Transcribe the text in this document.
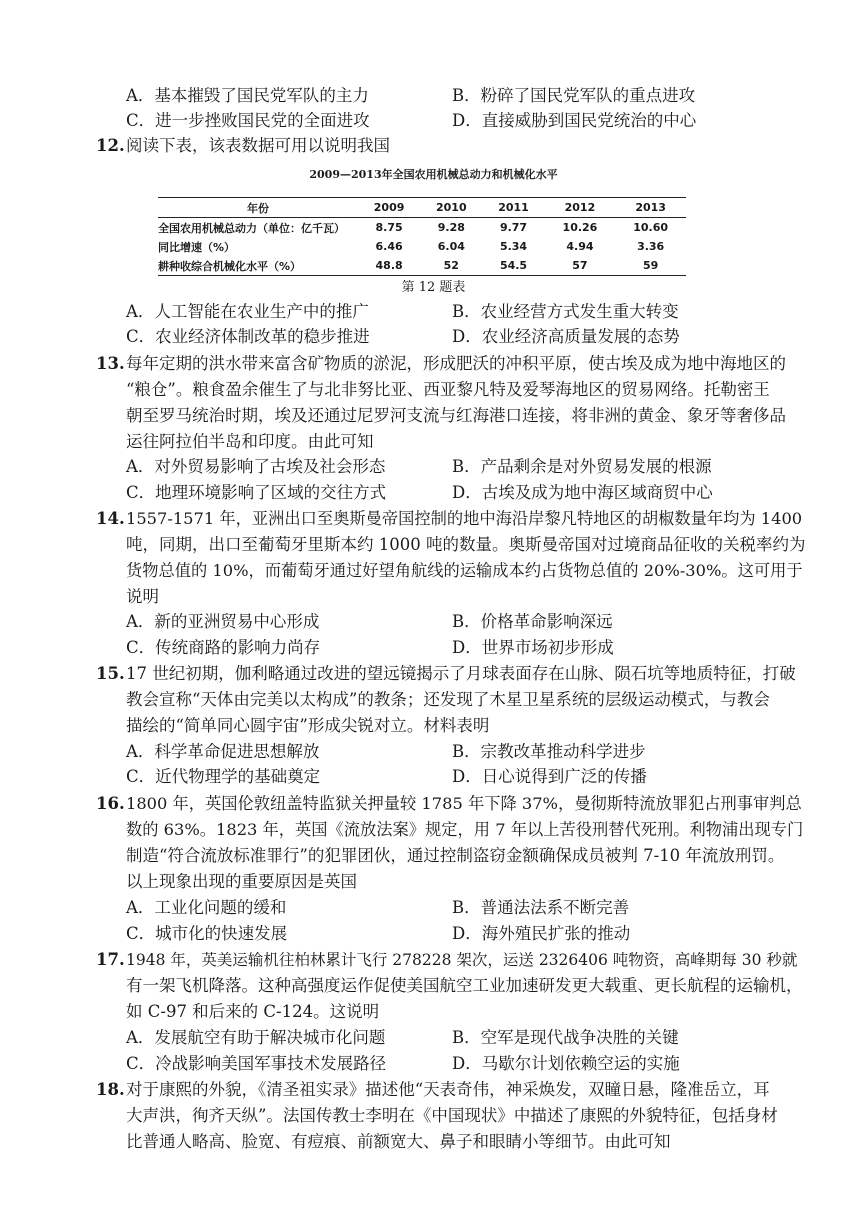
A．基本摧毁了国民党军队的主力	B．粉碎了国民党军队的重点进攻
C．进一步挫败国民党的全面进攻	D．直接威胁到国民党统治的中心
12. 阅读下表，该表数据可用以说明我国
2009—2013年全国农用机械总动力和机械化水平
年份	2009	2010	2011	2012	2013
全国农用机械总动力（单位：亿千瓦）	8.75	9.28	9.77	10.26	10.60
同比增速（%）	6.46	6.04	5.34	4.94	3.36
耕种收综合机械化水平（%）	48.8	52	54.5	57	59
第 12 题表
A．人工智能在农业生产中的推广	B．农业经营方式发生重大转变
C．农业经济体制改革的稳步推进	D．农业经济高质量发展的态势
13. 每年定期的洪水带来富含矿物质的淤泥，形成肥沃的冲积平原，使古埃及成为地中海地区的
“粮仓”。粮食盈余催生了与北非努比亚、西亚黎凡特及爱琴海地区的贸易网络。托勒密王
朝至罗马统治时期，埃及还通过尼罗河支流与红海港口连接，将非洲的黄金、象牙等奢侈品
运往阿拉伯半岛和印度。由此可知
A．对外贸易影响了古埃及社会形态	B．产品剩余是对外贸易发展的根源
C．地理环境影响了区域的交往方式	D．古埃及成为地中海区域商贸中心
14. 1557-1571 年，亚洲出口至奥斯曼帝国控制的地中海沿岸黎凡特地区的胡椒数量年均为 1400
吨，同期，出口至葡萄牙里斯本约 1000 吨的数量。奥斯曼帝国对过境商品征收的关税率约为
货物总值的 10%，而葡萄牙通过好望角航线的运输成本约占货物总值的 20%-30%。这可用于
说明
A．新的亚洲贸易中心形成	B．价格革命影响深远
C．传统商路的影响力尚存	D．世界市场初步形成
15. 17 世纪初期，伽利略通过改进的望远镜揭示了月球表面存在山脉、陨石坑等地质特征，打破
教会宣称“天体由完美以太构成”的教条；还发现了木星卫星系统的层级运动模式，与教会
描绘的“简单同心圆宇宙”形成尖锐对立。材料表明
A．科学革命促进思想解放	B．宗教改革推动科学进步
C．近代物理学的基础奠定	D．日心说得到广泛的传播
16. 1800 年，英国伦敦纽盖特监狱关押量较 1785 年下降 37%，曼彻斯特流放罪犯占刑事审判总
数的 63%。1823 年，英国《流放法案》规定，用 7 年以上苦役刑替代死刑。利物浦出现专门
制造“符合流放标准罪行”的犯罪团伙，通过控制盗窃金额确保成员被判 7-10 年流放刑罚。
以上现象出现的重要原因是英国
A．工业化问题的缓和	B．普通法法系不断完善
C．城市化的快速发展	D．海外殖民扩张的推动
17. 1948 年，英美运输机往柏林累计飞行 278228 架次，运送 2326406 吨物资，高峰期每 30 秒就
有一架飞机降落。这种高强度运作促使美国航空工业加速研发更大载重、更长航程的运输机，
如 C-97 和后来的 C-124。这说明
A．发展航空有助于解决城市化问题	B．空军是现代战争决胜的关键
C．冷战影响美国军事技术发展路径	D．马歇尔计划依赖空运的实施
18. 对于康熙的外貌，《清圣祖实录》描述他“天表奇伟，神采焕发，双瞳日悬，隆准岳立，耳
大声洪，徇齐天纵”。法国传教士李明在《中国现状》中描述了康熙的外貌特征，包括身材
比普通人略高、脸宽、有痘痕、前额宽大、鼻子和眼睛小等细节。由此可知
